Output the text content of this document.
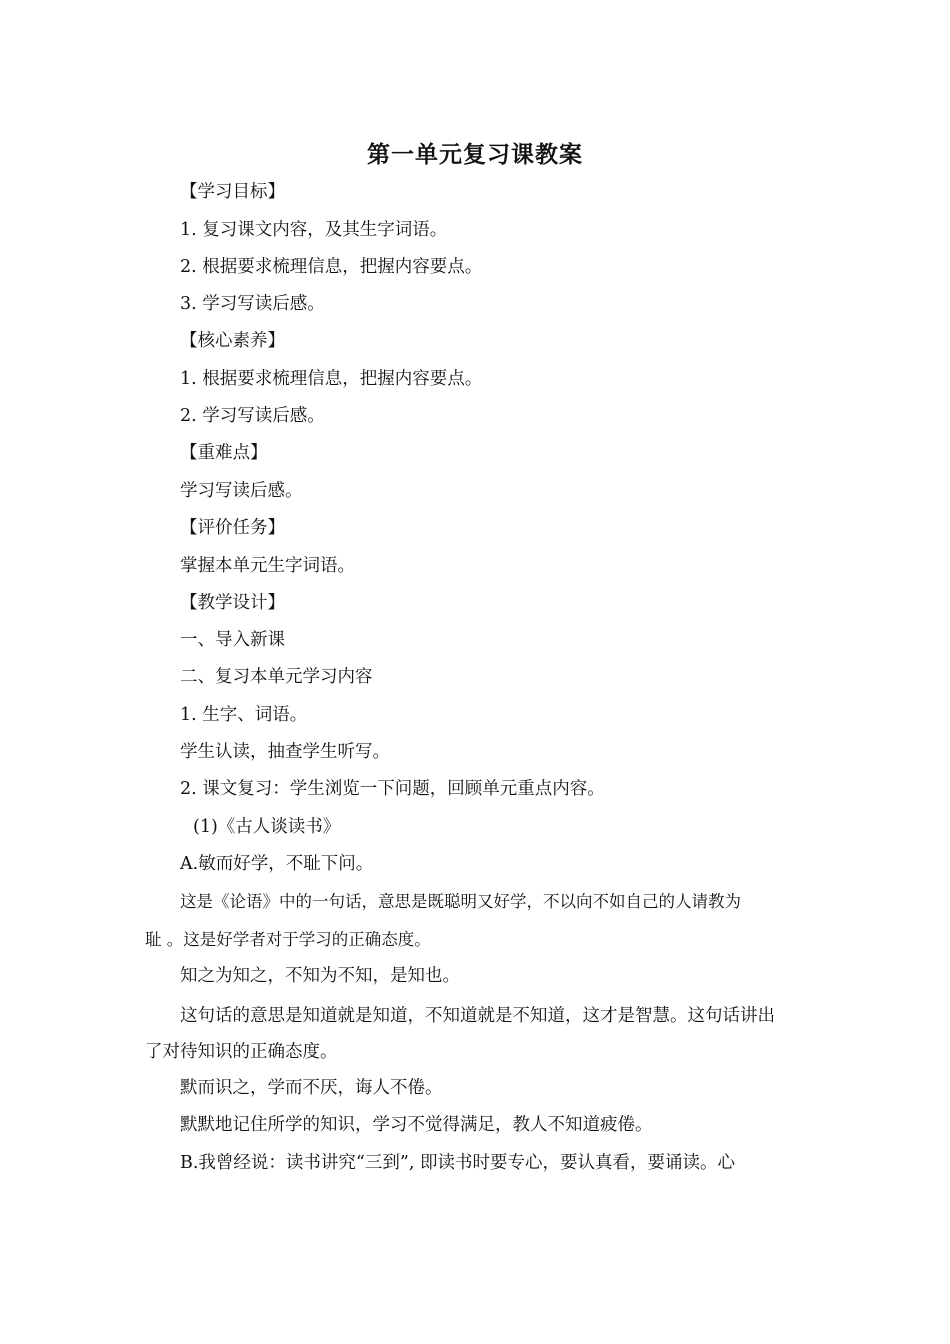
第一单元复习课教案
【学习目标】
1. 复习课文内容，及其生字词语。
2. 根据要求梳理信息，把握内容要点。
3. 学习写读后感。
【核心素养】
1. 根据要求梳理信息，把握内容要点。
2. 学习写读后感。
【重难点】
学习写读后感。
【评价任务】
掌握本单元生字词语。
【教学设计】
一、导入新课
二、复习本单元学习内容
1. 生字、词语。
学生认读，抽查学生听写。
2. 课文复习：学生浏览一下问题，回顾单元重点内容。
(1)《古人谈读书》
A.敏而好学，不耻下问。
这是《论语》中的一句话，意思是既聪明又好学，不以向不如自己的人请教为
耻 。这是好学者对于学习的正确态度。
知之为知之，不知为不知，是知也。
这句话的意思是知道就是知道，不知道就是不知道，这才是智慧。这句话讲出
了对待知识的正确态度。
默而识之，学而不厌，诲人不倦。
默默地记住所学的知识，学习不觉得满足，教人不知道疲倦。
B.我曾经说：读书讲究“三到”, 即读书时要专心，要认真看，要诵读。心
